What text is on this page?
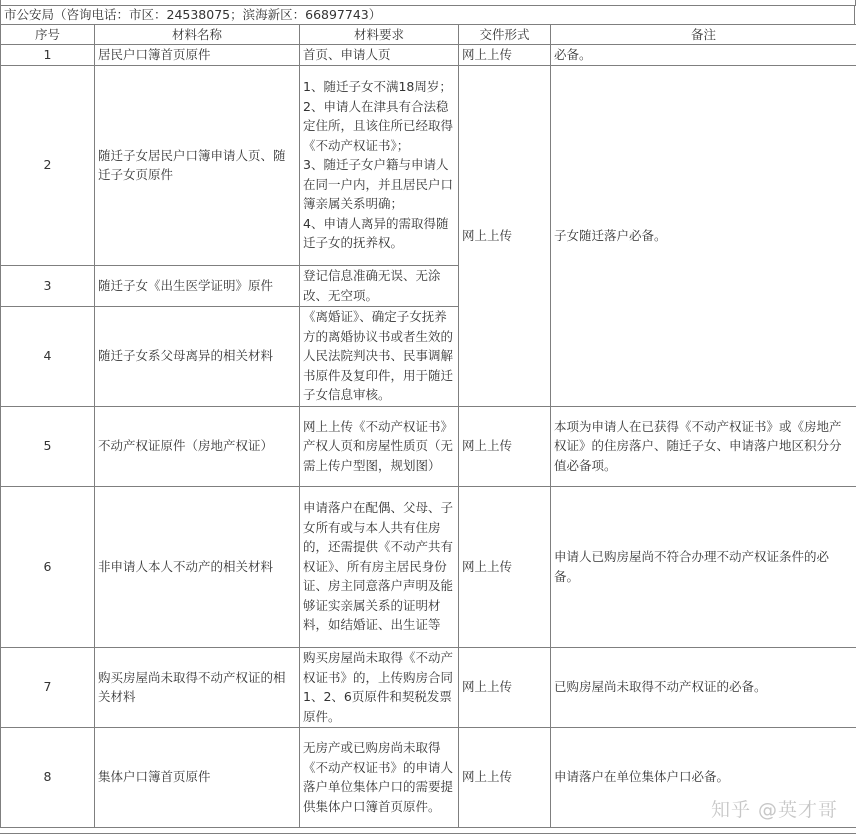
市公安局（咨询电话：市区：24538075；滨海新区：66897743）
序号	材料名称	材料要求	交件形式	备注
1	居民户口簿首页原件	首页、申请人页	网上上传	必备。
2	随迁子女居民户口簿申请人页、随迁子女页原件	1、随迁子女不满18周岁；
2、申请人在津具有合法稳定住所，且该住所已经取得《不动产权证书》；
3、随迁子女户籍与申请人在同一户内，并且居民户口簿亲属关系明确；
4、申请人离异的需取得随迁子女的抚养权。	网上上传	子女随迁落户必备。
3	随迁子女《出生医学证明》原件	登记信息准确无误、无涂改、无空项。		
4	随迁子女系父母离异的相关材料	《离婚证》、确定子女抚养方的离婚协议书或者生效的人民法院判决书、民事调解书原件及复印件，用于随迁子女信息审核。		
5	不动产权证原件（房地产权证）	网上上传《不动产权证书》产权人页和房屋性质页（无需上传户型图，规划图）	网上上传	本项为申请人在已获得《不动产权证书》或《房地产权证》的住房落户、随迁子女、申请落户地区积分分值必备项。
6	非申请人本人不动产的相关材料	申请落户在配偶、父母、子女所有或与本人共有住房的，还需提供《不动产共有权证》、所有房主居民身份证、房主同意落户声明及能够证实亲属关系的证明材料，如结婚证、出生证等	网上上传	申请人已购房屋尚不符合办理不动产权证条件的必备。
7	购买房屋尚未取得不动产权证的相关材料	购买房屋尚未取得《不动产权证书》的，上传购房合同1、2、6页原件和契税发票原件。	网上上传	已购房屋尚未取得不动产权证的必备。
8	集体户口簿首页原件	无房产或已购房尚未取得《不动产权证书》的申请人落户单位集体户口的需要提供集体户口簿首页原件。	网上上传	申请落户在单位集体户口必备。
知乎 @英才哥
